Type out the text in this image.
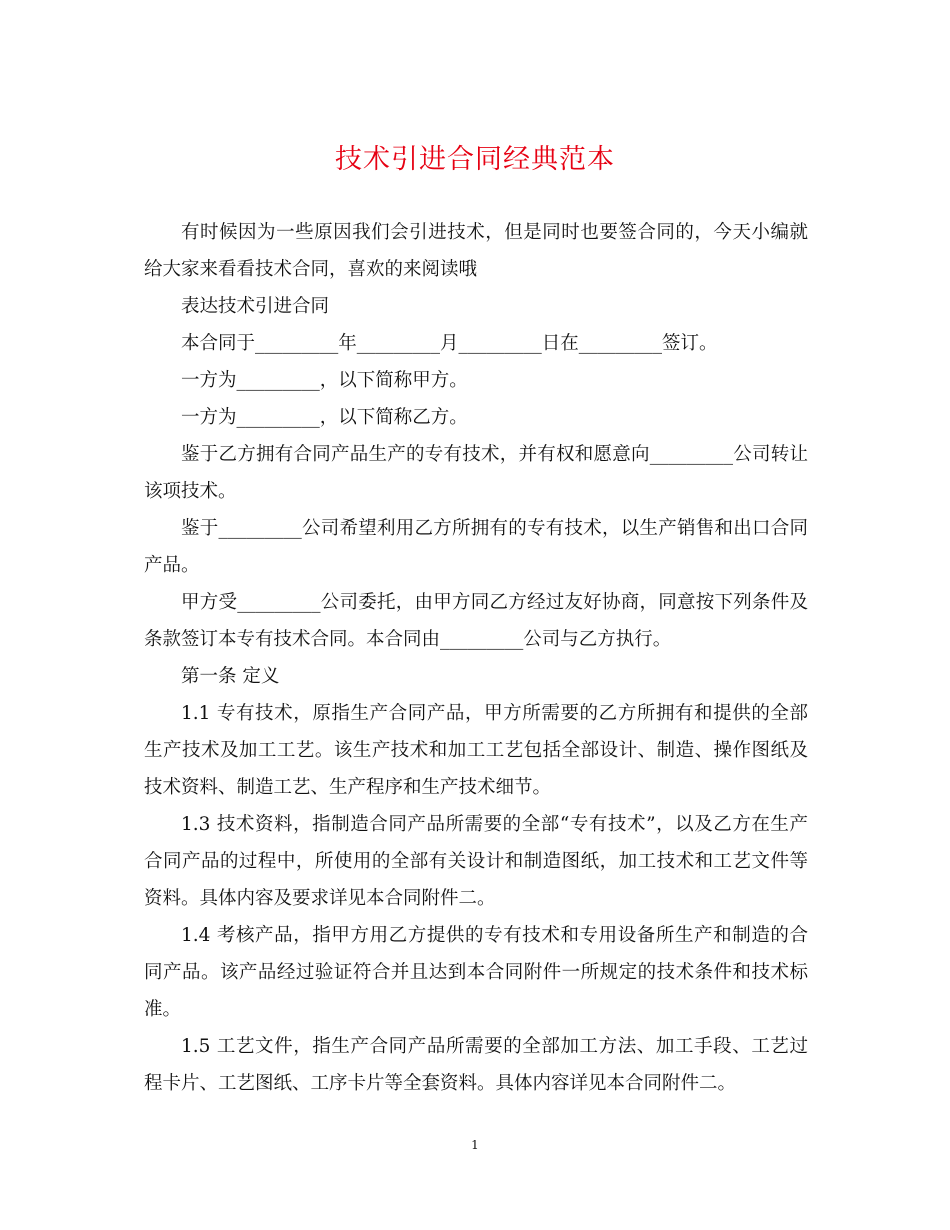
技术引进合同经典范本

有时候因为一些原因我们会引进技术，但是同时也要签合同的，今天小编就给大家来看看技术合同，喜欢的来阅读哦

表达技术引进合同

本合同于_________年_________月_________日在_________签订。

一方为_________，以下简称甲方。

一方为_________，以下简称乙方。

鉴于乙方拥有合同产品生产的专有技术，并有权和愿意向_________公司转让该项技术。

鉴于_________公司希望利用乙方所拥有的专有技术，以生产销售和出口合同产品。

甲方受_________公司委托，由甲方同乙方经过友好协商，同意按下列条件及条款签订本专有技术合同。本合同由_________公司与乙方执行。

第一条 定义

1.1 专有技术，原指生产合同产品，甲方所需要的乙方所拥有和提供的全部生产技术及加工工艺。该生产技术和加工工艺包括全部设计、制造、操作图纸及技术资料、制造工艺、生产程序和生产技术细节。

1.3 技术资料，指制造合同产品所需要的全部“专有技术”，以及乙方在生产合同产品的过程中，所使用的全部有关设计和制造图纸，加工技术和工艺文件等资料。具体内容及要求详见本合同附件二。

1.4 考核产品，指甲方用乙方提供的专有技术和专用设备所生产和制造的合同产品。该产品经过验证符合并且达到本合同附件一所规定的技术条件和技术标准。

1.5 工艺文件，指生产合同产品所需要的全部加工方法、加工手段、工艺过程卡片、工艺图纸、工序卡片等全套资料。具体内容详见本合同附件二。

1
